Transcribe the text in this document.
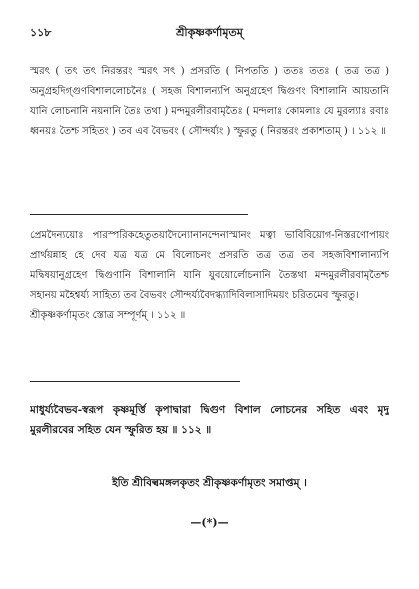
১১৮	শ্রীকৃষ্ণকর্ণামৃতম্

স্মরৎ ( তৎ তৎ নিরন্তরং স্মরৎ সৎ ) প্রসরতি ( নিপততি ) ততঃ ততঃ ( তত্র তত্র ) অনুগ্রহদিগ্গুণবিশাললোচনৈঃ ( সহজ বিশালন্যপি অনুগ্রহেণ দ্বিগুণং বিশালানি আয়তানি যানি লোচনানি নয়নানি তৈঃ তথা ) মন্দমুরলীরবামৃতৈঃ ( মন্দলাঃ কোমলাঃ যে মুরল্যাঃ রবাঃ ধ্বনয়ঃ তৈশ্চ সহিতং ) তব এব বৈভবং ( সৌন্দর্য্যং ) স্ফুরতু ( নিরন্তরং প্রকাশতাম্ ) । ১১২ ॥

প্রেমদৈন্যয়োঃ পারস্পরিকহেতুতয়াদৈন্যোনানন্দেনাস্মানং মত্বা ভাবিবিয়োগ-নিস্তরণোপায়ং প্রার্থয়ন্নাহ হে দেব যত্র যত্র মে বিলোচনং প্রসরতি তত্র তত্র তব সহজবিশালান্যপি মদ্বিষয়ানুগ্রহেণ দ্বিগুণানি বিশালানি যানি যুবয়োর্লোচনানি তৈস্তথা মন্দমুরলীরবামৃতৈশ্চ সহানয় মহৈশ্বর্য্য সাহিত্য তব বৈভবং সৌন্দর্য্যবৈদগ্ধ্যাদিবিলাসাদিময়ং চরিতমেব স্ফুরতু।
শ্রীকৃষ্ণকর্ণামৃতং স্তোত্র সম্পূর্ণম্ । ১১২ ॥

মাধুর্য্যবৈভব-স্বরূপ কৃষ্ণমূর্ত্তি কৃপাদ্বারা দ্বিগুণ বিশাল লোচনের সহিত এবং মৃদু মুরলীরবের সহিত যেন স্ফুরিত হয় ॥ ১১২ ॥

ইতি শ্রীবিল্বমঙ্গলকৃতং শ্রীকৃষ্ণকর্ণামৃতং সমাপ্তম্ ।
—(*)—
